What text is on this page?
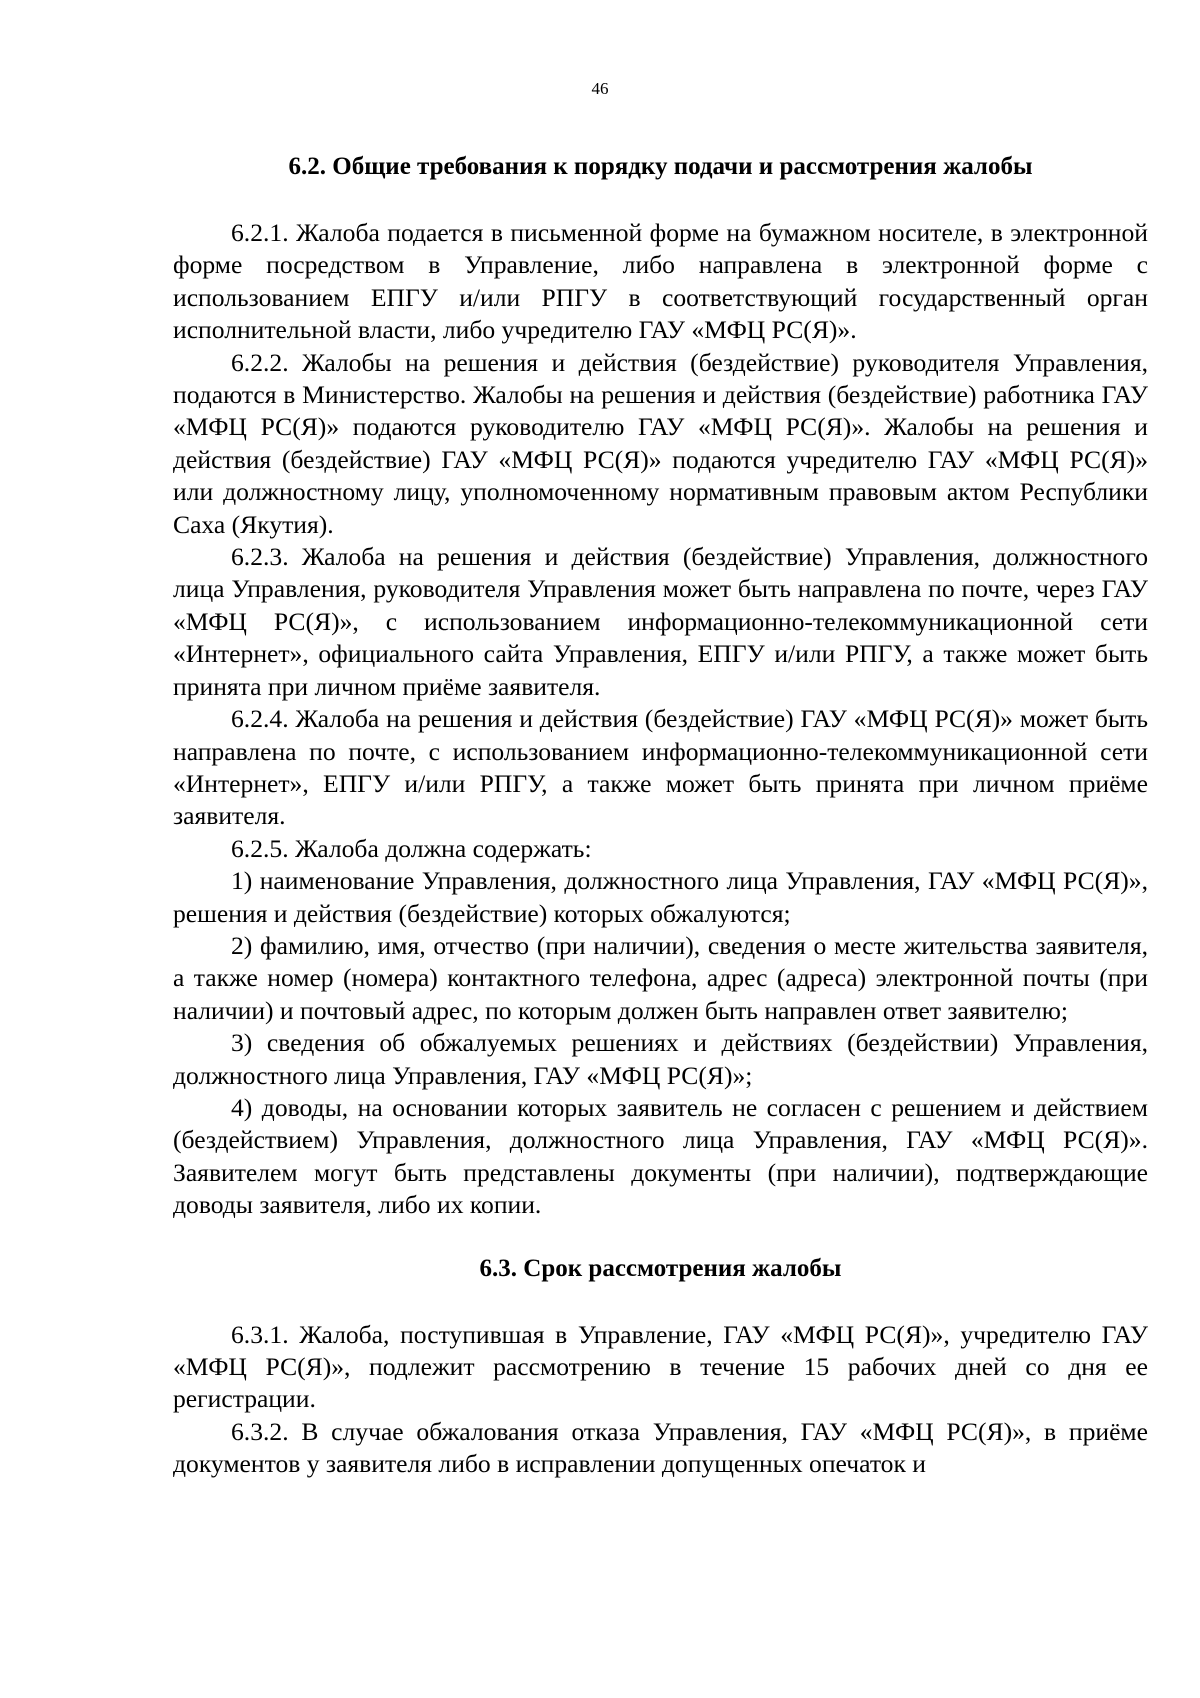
46
6.2. Общие требования к порядку подачи и рассмотрения жалобы

6.2.1. Жалоба подается в письменной форме на бумажном носителе, в электронной форме посредством в Управление, либо направлена в электронной форме с использованием ЕПГУ и/или РПГУ в соответствующий государственный орган исполнительной власти, либо учредителю ГАУ «МФЦ РС(Я)».

6.2.2. Жалобы на решения и действия (бездействие) руководителя Управления, подаются в Министерство. Жалобы на решения и действия (бездействие) работника ГАУ «МФЦ РС(Я)» подаются руководителю ГАУ «МФЦ РС(Я)». Жалобы на решения и действия (бездействие) ГАУ «МФЦ РС(Я)» подаются учредителю ГАУ «МФЦ РС(Я)» или должностному лицу, уполномоченному нормативным правовым актом Республики Саха (Якутия).

6.2.3. Жалоба на решения и действия (бездействие) Управления, должностного лица Управления, руководителя Управления может быть направлена по почте, через ГАУ «МФЦ РС(Я)», с использованием информационно-телекоммуникационной сети «Интернет», официального сайта Управления, ЕПГУ и/или РПГУ, а также может быть принята при личном приёме заявителя.

6.2.4. Жалоба на решения и действия (бездействие) ГАУ «МФЦ РС(Я)» может быть направлена по почте, с использованием информационно-телекоммуникационной сети «Интернет», ЕПГУ и/или РПГУ, а также может быть принята при личном приёме заявителя.

6.2.5. Жалоба должна содержать:

1) наименование Управления, должностного лица Управления, ГАУ «МФЦ РС(Я)», решения и действия (бездействие) которых обжалуются;

2) фамилию, имя, отчество (при наличии), сведения о месте жительства заявителя, а также номер (номера) контактного телефона, адрес (адреса) электронной почты (при наличии) и почтовый адрес, по которым должен быть направлен ответ заявителю;

3) сведения об обжалуемых решениях и действиях (бездействии) Управления, должностного лица Управления, ГАУ «МФЦ РС(Я)»;

4) доводы, на основании которых заявитель не согласен с решением и действием (бездействием) Управления, должностного лица Управления, ГАУ «МФЦ РС(Я)». Заявителем могут быть представлены документы (при наличии), подтверждающие доводы заявителя, либо их копии.

6.3. Срок рассмотрения жалобы

6.3.1. Жалоба, поступившая в Управление, ГАУ «МФЦ РС(Я)», учредителю ГАУ «МФЦ РС(Я)», подлежит рассмотрению в течение 15 рабочих дней со дня ее регистрации.

6.3.2. В случае обжалования отказа Управления, ГАУ «МФЦ РС(Я)», в приёме документов у заявителя либо в исправлении допущенных опечаток и
